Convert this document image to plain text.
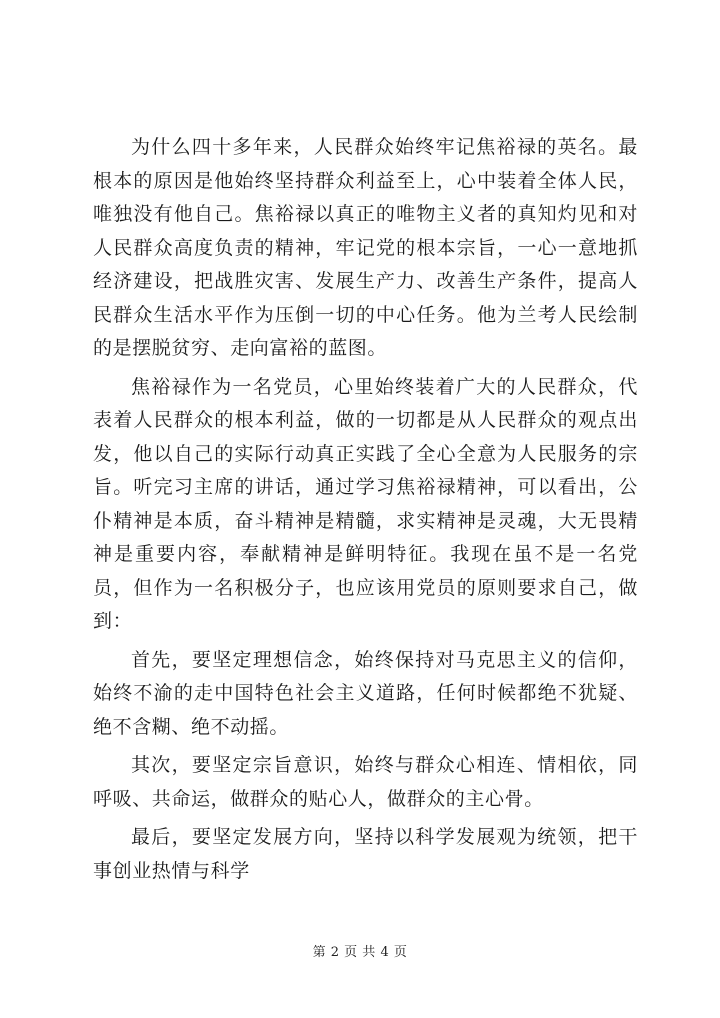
为什么四十多年来，人民群众始终牢记焦裕禄的英名。最根本的原因是他始终坚持群众利益至上，心中装着全体人民，唯独没有他自己。焦裕禄以真正的唯物主义者的真知灼见和对人民群众高度负责的精神，牢记党的根本宗旨，一心一意地抓经济建设，把战胜灾害、发展生产力、改善生产条件，提高人民群众生活水平作为压倒一切的中心任务。他为兰考人民绘制的是摆脱贫穷、走向富裕的蓝图。

焦裕禄作为一名党员，心里始终装着广大的人民群众，代表着人民群众的根本利益，做的一切都是从人民群众的观点出发，他以自己的实际行动真正实践了全心全意为人民服务的宗旨。听完习主席的讲话，通过学习焦裕禄精神，可以看出，公仆精神是本质，奋斗精神是精髓，求实精神是灵魂，大无畏精神是重要内容，奉献精神是鲜明特征。我现在虽不是一名党员，但作为一名积极分子，也应该用党员的原则要求自己，做到：

首先，要坚定理想信念，始终保持对马克思主义的信仰，始终不渝的走中国特色社会主义道路，任何时候都绝不犹疑、绝不含糊、绝不动摇。

其次，要坚定宗旨意识，始终与群众心相连、情相依，同呼吸、共命运，做群众的贴心人，做群众的主心骨。

最后，要坚定发展方向，坚持以科学发展观为统领，把干事创业热情与科学

第 2 页 共 4 页
